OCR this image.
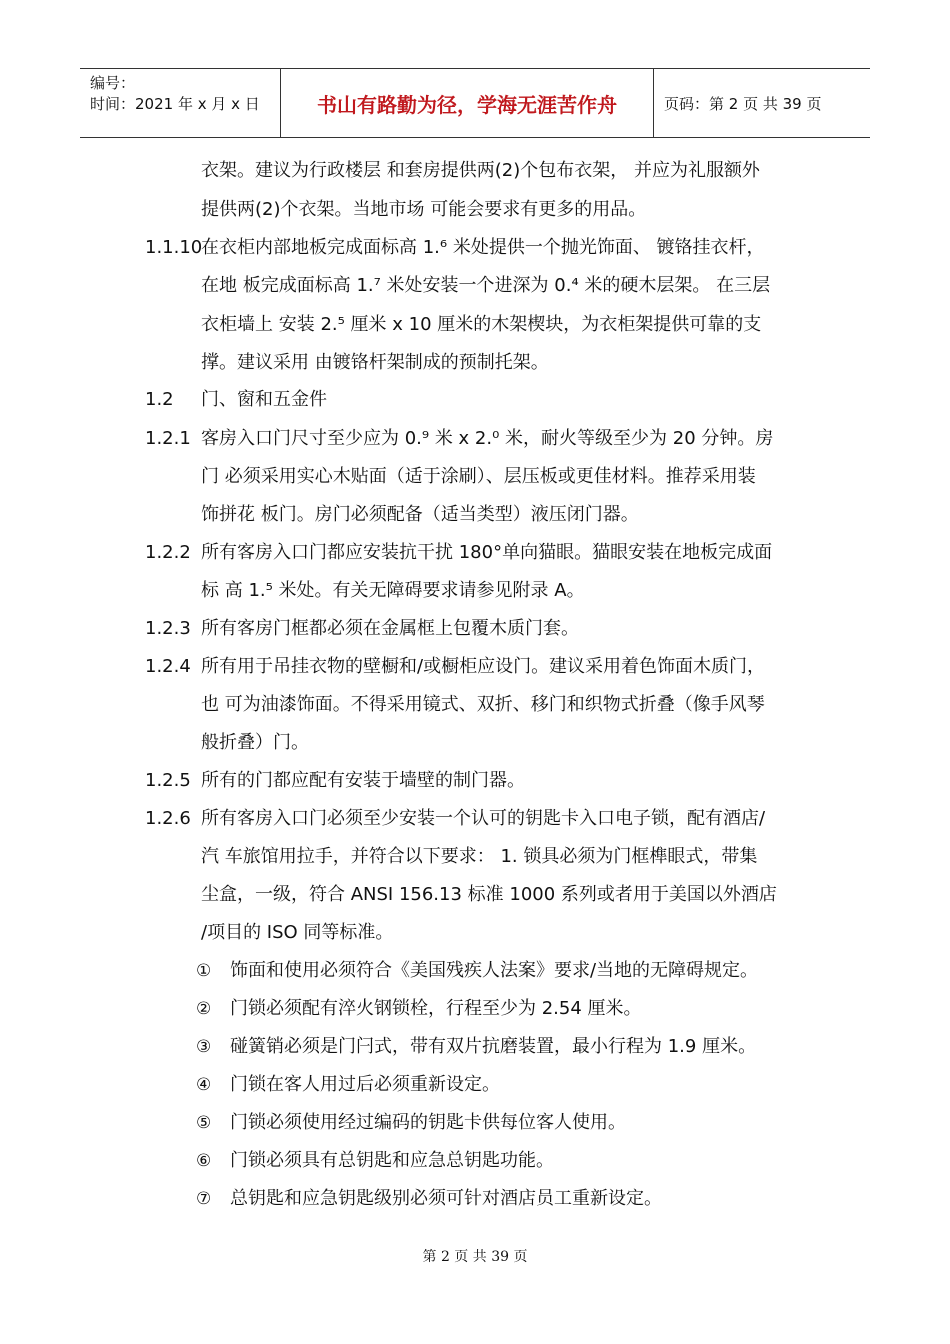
编号：
时间：2021 年 x 月 x 日	书山有路勤为径，学海无涯苦作舟	页码：第 2 页 共 39 页
衣架。建议为行政楼层 和套房提供两(2)个包布衣架， 并应为礼服额外
提供两(2)个衣架。当地市场 可能会要求有更多的用品。
1.1.10
在衣柜内部地板完成面标高 1.⁶ 米处提供一个抛光饰面、 镀铬挂衣杆，
在地 板完成面标高 1.⁷ 米处安装一个进深为 0.⁴ 米的硬木层架。 在三层
衣柜墙上 安装 2.⁵ 厘米 x 10 厘米的木架楔块，为衣柜架提供可靠的支
撑。建议采用 由镀铬杆架制成的预制托架。
1.2 门、窗和五金件
1.2.1 客房入口门尺寸至少应为 0.⁹ 米 x 2.⁰ 米，耐火等级至少为 20 分钟。房
门 必须采用实心木贴面（适于涂刷）、层压板或更佳材料。推荐采用装
饰拼花 板门。房门必须配备（适当类型）液压闭门器。
1.2.2 所有客房入口门都应安装抗干扰 180°单向猫眼。猫眼安装在地板完成面
标 高 1.⁵ 米处。有关无障碍要求请参见附录 A。
1.2.3 所有客房门框都必须在金属框上包覆木质门套。
1.2.4 所有用于吊挂衣物的壁橱和/或橱柜应设门。建议采用着色饰面木质门，
也 可为油漆饰面。不得采用镜式、双折、移门和织物式折叠（像手风琴
般折叠）门。
1.2.5 所有的门都应配有安装于墙壁的制门器。
1.2.6 所有客房入口门必须至少安装一个认可的钥匙卡入口电子锁，配有酒店/
汽 车旅馆用拉手，并符合以下要求： 1. 锁具必须为门框榫眼式，带集
尘盒，一级，符合 ANSI 156.13 标准 1000 系列或者用于美国以外酒店
/项目的 ISO 同等标准。
① 饰面和使用必须符合《美国残疾人法案》要求/当地的无障碍规定。
② 门锁必须配有淬火钢锁栓，行程至少为 2.54 厘米。
③ 碰簧销必须是门闩式，带有双片抗磨装置，最小行程为 1.9 厘米。
④ 门锁在客人用过后必须重新设定。
⑤ 门锁必须使用经过编码的钥匙卡供每位客人使用。
⑥ 门锁必须具有总钥匙和应急总钥匙功能。
⑦ 总钥匙和应急钥匙级别必须可针对酒店员工重新设定。
第 2 页 共 39 页
